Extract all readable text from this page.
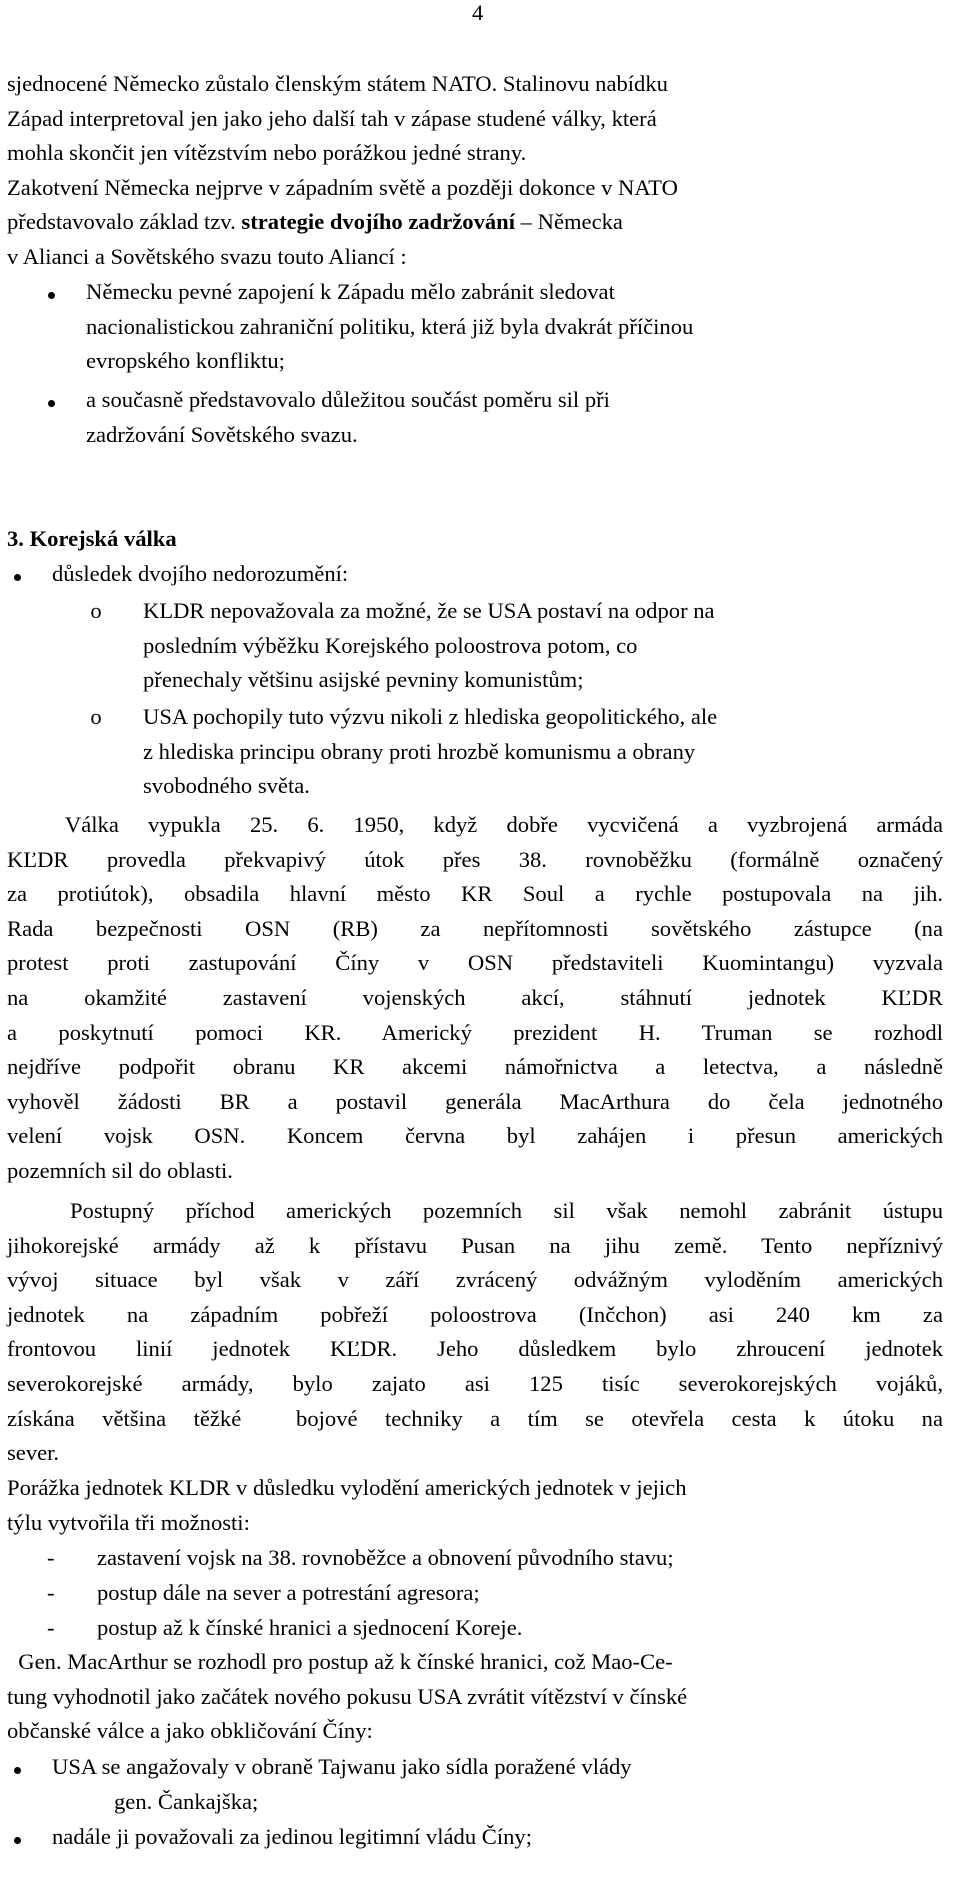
4
sjednocené Německo zůstalo členským státem NATO. Stalinovu nabídku
Západ interpretoval jen jako jeho další tah v zápase studené války, která
mohla skončit jen vítězstvím nebo porážkou jedné strany.
Zakotvení Německa nejprve v západním světě a později dokonce v NATO
představovalo základ tzv. strategie dvojího zadržování – Německa
v Alianci a Sovětského svazu touto Aliancí :
Německu pevné zapojení k Západu mělo zabránit sledovat
nacionalistickou zahraniční politiku, která již byla dvakrát příčinou
evropského konfliktu;
a současně představovalo důležitou součást poměru sil při
zadržování Sovětského svazu.
3. Korejská válka
důsledek dvojího nedorozumění:
o KLDR nepovažovala za možné, že se USA postaví na odpor na
posledním výběžku Korejského poloostrova potom, co
přenechaly většinu asijské pevniny komunistům;
o USA pochopily tuto výzvu nikoli z hlediska geopolitického, ale
z hlediska principu obrany proti hrozbě komunismu a obrany
svobodného světa.
Válka vypukla 25. 6. 1950, když dobře vycvičená a vyzbrojená armáda
KĽDR provedla překvapivý útok přes 38. rovnoběžku (formálně označený
za protiútok), obsadila hlavní město KR Soul a rychle postupovala na jih.
Rada bezpečnosti OSN (RB) za nepřítomnosti sovětského zástupce (na
protest proti zastupování Číny v OSN představiteli Kuomintangu) vyzvala
na okamžité zastavení vojenských akcí, stáhnutí jednotek KĽDR
a poskytnutí pomoci KR. Americký prezident H. Truman se rozhodl
nejdříve podpořit obranu KR akcemi námořnictva a letectva, a následně
vyhověl žádosti BR a postavil generála MacArthura do čela jednotného
velení vojsk OSN. Koncem června byl zahájen i přesun amerických
pozemních sil do oblasti.
Postupný příchod amerických pozemních sil však nemohl zabránit ústupu
jihokorejské armády až k přístavu Pusan na jihu země. Tento nepříznivý
vývoj situace byl však v září zvrácený odvážným vyloděním amerických
jednotek na západním pobřeží poloostrova (Inčchon) asi 240 km za
frontovou linií jednotek KĽDR. Jeho důsledkem bylo zhroucení jednotek
severokorejské armády, bylo zajato asi 125 tisíc severokorejských vojáků,
získána většina těžké  bojové techniky a tím se otevřela cesta k útoku na
sever.
Porážka jednotek KLDR v důsledku vylodění amerických jednotek v jejich
týlu vytvořila tři možnosti:
- zastavení vojsk na 38. rovnoběžce a obnovení původního stavu;
- postup dále na sever a potrestání agresora;
- postup až k čínské hranici a sjednocení Koreje.
Gen. MacArthur se rozhodl pro postup až k čínské hranici, což Mao-Ce-
tung vyhodnotil jako začátek nového pokusu USA zvrátit vítězství v čínské
občanské válce a jako obkličování Číny:
USA se angažovaly v obraně Tajwanu jako sídla poražené vlády
gen. Čankajška;
nadále ji považovali za jedinou legitimní vládu Číny;
